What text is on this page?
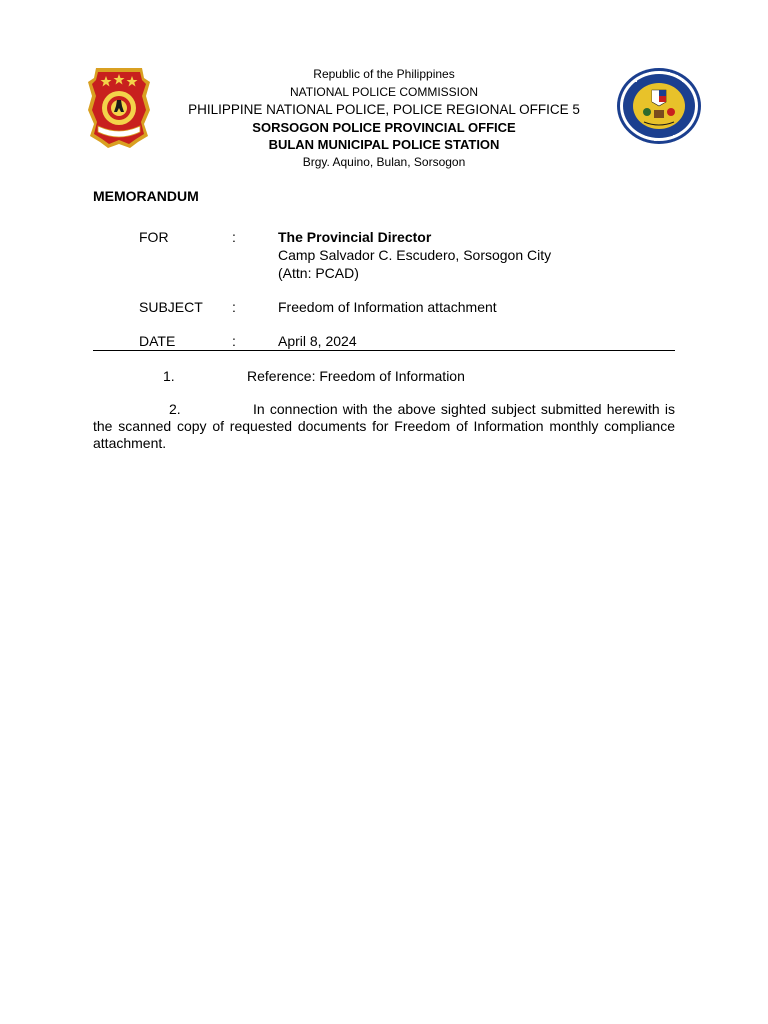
Republic of the Philippines
NATIONAL POLICE COMMISSION
PHILIPPINE NATIONAL POLICE, POLICE REGIONAL OFFICE 5
SORSOGON POLICE PROVINCIAL OFFICE
BULAN MUNICIPAL POLICE STATION
Brgy. Aquino, Bulan, Sorsogon
MEMORANDUM
FOR	:	The Provincial Director
Camp Salvador C. Escudero, Sorsogon City
(Attn: PCAD)
SUBJECT	:	Freedom of Information attachment
DATE	:	April 8, 2024
1.	Reference: Freedom of Information
2.	In connection with the above sighted subject submitted herewith is the scanned copy of requested documents for Freedom of Information monthly compliance attachment.
